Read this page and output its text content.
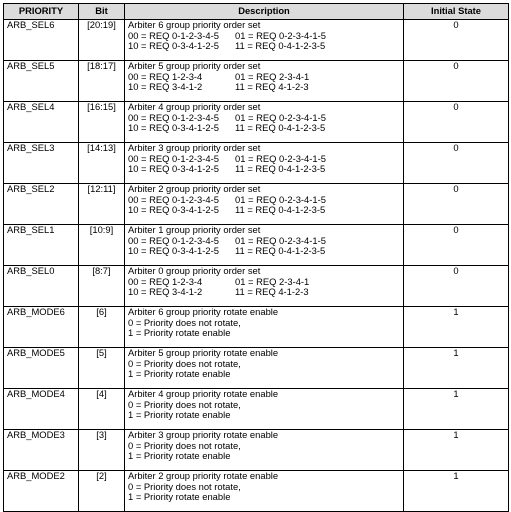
PRIORITY	Bit	Description	Initial State
ARB_SEL6	[20:19]	Arbiter 6 group priority order set
00 = REQ 0-1-2-3-4-5 01 = REQ 0-2-3-4-1-5
10 = REQ 0-3-4-1-2-5 11 = REQ 0-4-1-2-3-5	0
ARB_SEL5	[18:17]	Arbiter 5 group priority order set
00 = REQ 1-2-3-4 01 = REQ 2-3-4-1
10 = REQ 3-4-1-2 11 = REQ 4-1-2-3	0
ARB_SEL4	[16:15]	Arbiter 4 group priority order set
00 = REQ 0-1-2-3-4-5 01 = REQ 0-2-3-4-1-5
10 = REQ 0-3-4-1-2-5 11 = REQ 0-4-1-2-3-5	0
ARB_SEL3	[14:13]	Arbiter 3 group priority order set
00 = REQ 0-1-2-3-4-5 01 = REQ 0-2-3-4-1-5
10 = REQ 0-3-4-1-2-5 11 = REQ 0-4-1-2-3-5	0
ARB_SEL2	[12:11]	Arbiter 2 group priority order set
00 = REQ 0-1-2-3-4-5 01 = REQ 0-2-3-4-1-5
10 = REQ 0-3-4-1-2-5 11 = REQ 0-4-1-2-3-5	0
ARB_SEL1	[10:9]	Arbiter 1 group priority order set
00 = REQ 0-1-2-3-4-5 01 = REQ 0-2-3-4-1-5
10 = REQ 0-3-4-1-2-5 11 = REQ 0-4-1-2-3-5	0
ARB_SEL0	[8:7]	Arbiter 0 group priority order set
00 = REQ 1-2-3-4 01 = REQ 2-3-4-1
10 = REQ 3-4-1-2 11 = REQ 4-1-2-3	0
ARB_MODE6	[6]	Arbiter 6 group priority rotate enable
0 = Priority does not rotate,
1 = Priority rotate enable	1
ARB_MODE5	[5]	Arbiter 5 group priority rotate enable
0 = Priority does not rotate,
1 = Priority rotate enable	1
ARB_MODE4	[4]	Arbiter 4 group priority rotate enable
0 = Priority does not rotate,
1 = Priority rotate enable	1
ARB_MODE3	[3]	Arbiter 3 group priority rotate enable
0 = Priority does not rotate,
1 = Priority rotate enable	1
ARB_MODE2	[2]	Arbiter 2 group priority rotate enable
0 = Priority does not rotate,
1 = Priority rotate enable	1
